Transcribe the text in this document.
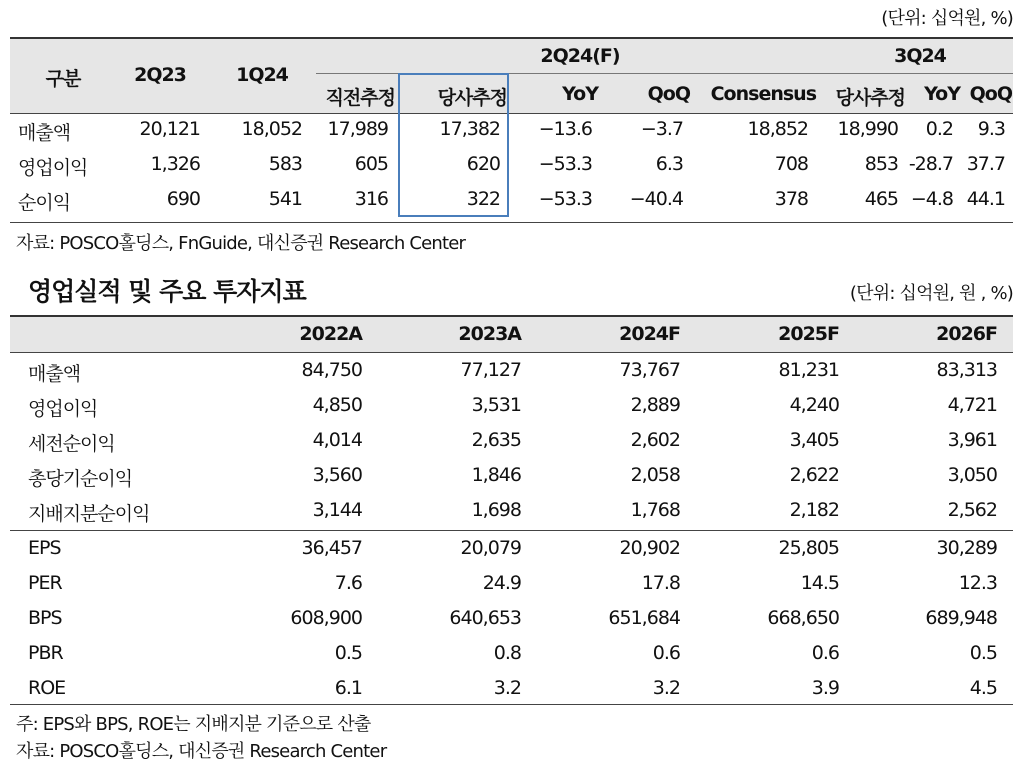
(단위: 십억원, %)
구분	2Q23	1Q24
2Q24(F)	3Q24
직전추정	당사추정	YoY	QoQ	Consensus	당사추정	YoY QoQ
매출액	20,121	18,052	17,989	17,382	−13.6	−3.7	18,852	18,990	0.2	9.3
영업이익	1,326	583	605	620	−53.3	6.3	708	853 -28.7 37.7
순이익	690	541	316	322	−53.3	−40.4	378	465 −4.8 44.1
자료: POSCO홀딩스, FnGuide, 대신증권 Research Center
영업실적 및 주요 투자지표	(단위: 십억원, 원 , %)
2022A	2023A	2024F	2025F	2026F
매출액	84,750	77,127	73,767	81,231	83,313
영업이익	4,850	3,531	2,889	4,240	4,721
세전순이익	4,014	2,635	2,602	3,405	3,961
총당기순이익	3,560	1,846	2,058	2,622	3,050
지배지분순이익	3,144	1,698	1,768	2,182	2,562
EPS	36,457	20,079	20,902	25,805	30,289
PER	7.6	24.9	17.8	14.5	12.3
BPS	608,900	640,653	651,684	668,650	689,948
PBR	0.5	0.8	0.6	0.6	0.5
ROE	6.1	3.2	3.2	3.9	4.5
주: EPS와 BPS, ROE는 지배지분 기준으로 산출
자료: POSCO홀딩스, 대신증권 Research Center
